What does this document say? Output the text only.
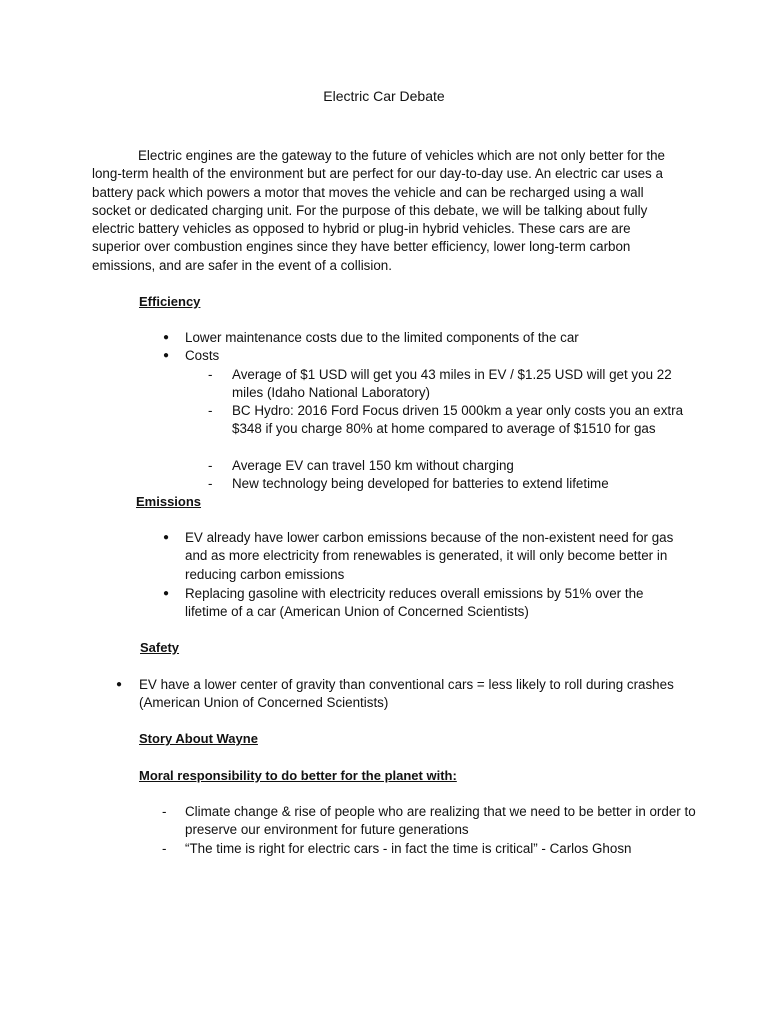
Electric Car Debate

Electric engines are the gateway to the future of vehicles which are not only better for the long-term health of the environment but are perfect for our day-to-day use. An electric car uses a battery pack which powers a motor that moves the vehicle and can be recharged using a wall socket or dedicated charging unit. For the purpose of this debate, we will be talking about fully electric battery vehicles as opposed to hybrid or plug-in hybrid vehicles. These cars are are superior over combustion engines since they have better efficiency, lower long-term carbon emissions, and are safer in the event of a collision.

Efficiency

● Lower maintenance costs due to the limited components of the car
● Costs
- Average of $1 USD will get you 43 miles in EV / $1.25 USD will get you 22 miles (Idaho National Laboratory)
- BC Hydro: 2016 Ford Focus driven 15 000km a year only costs you an extra $348 if you charge 80% at home compared to average of $1510 for gas
- Average EV can travel 150 km without charging
- New technology being developed for batteries to extend lifetime

Emissions

● EV already have lower carbon emissions because of the non-existent need for gas and as more electricity from renewables is generated, it will only become better in reducing carbon emissions
● Replacing gasoline with electricity reduces overall emissions by 51% over the lifetime of a car (American Union of Concerned Scientists)

Safety

● EV have a lower center of gravity than conventional cars = less likely to roll during crashes (American Union of Concerned Scientists)

Story About Wayne

Moral responsibility to do better for the planet with:

- Climate change & rise of people who are realizing that we need to be better in order to preserve our environment for future generations
- “The time is right for electric cars - in fact the time is critical” - Carlos Ghosn
